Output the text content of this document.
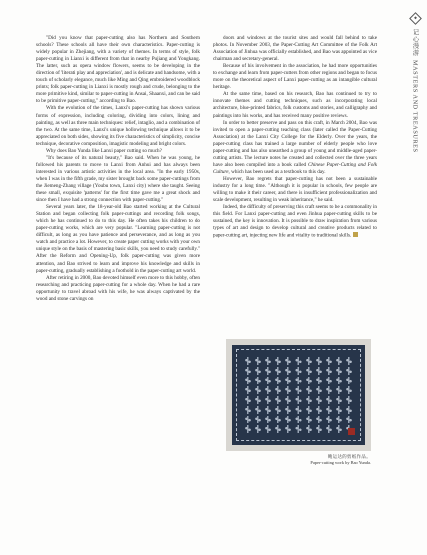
记心漫游
MASTERS AND TREASURES

"Did you know that paper-cutting also has Northern and Southern schools? These schools all have their own characteristics. Paper-cutting is widely popular in Zhejiang, with a variety of themes. In terms of style, folk paper-cutting in Lianxi is different from that in nearby Pujiang and Yongkang. The latter, such as opera window flowers, seems to be developing in the direction of 'literati play and appreciation', and is delicate and handsome, with a touch of scholarly elegance, much like Ming and Qing embroidered woodblock prints; folk paper-cutting in Lianxi is mostly rough and crude, belonging to the more primitive kind, similar to paper-cutting in Ansai, Shaanxi, and can be said to be primitive paper-cutting," according to Bao.

With the evolution of the times, Lanxi's paper-cutting has shown various forms of expression, including coloring, dividing into colors, lining and painting, as well as three main techniques: relief, intaglio, and a combination of the two. At the same time, Lanxi's unique hollowing technique allows it to be appreciated on both sides, showing its five characteristics of simplicity, concise technique, decorative composition, imagistic modeling and bright colors.

Why does Bao Yunda like Lanxi paper cutting so much?

"It's because of its natural beauty," Bao said. When he was young, he followed his parents to move to Lanxi from Anhui and has always been interested in various artistic activities in the local area. "In the early 1950s, when I was in the fifth grade, my sister brought back some paper-cuttings from the Jiemeng-Zhang village (Youbu town, Lanxi city) where she taught. Seeing these small, exquisite 'patterns' for the first time gave me a great shock and since then I have had a strong connection with paper-cutting."

Several years later, the 18-year-old Bao started working at the Cultural Station and began collecting folk paper-cuttings and recording folk songs, which he has continued to do to this day. He often takes his children to do paper-cutting works, which are very popular. "Learning paper-cutting is not difficult, as long as you have patience and perseverance, and as long as you watch and practice a lot. However, to create paper cutting works with your own unique style on the basis of mastering basic skills, you need to study carefully." After the Reform and Opening-Up, folk paper-cutting was given more attention, and Bao strived to learn and improve his knowledge and skills in paper-cutting, gradually establishing a foothold in the paper-cutting art world.

After retiring in 2000, Bao devoted himself even more to this hobby, often researching and practicing paper-cutting for a whole day. When he had a rare opportunity to travel abroad with his wife, he was always captivated by the wood and stone carvings on

doors and windows at the tourist sites and would fall behind to take photos. In November 2003, the Paper-Cutting Art Committee of the Folk Art Association of Jinhua was officially established, and Bao was appointed as vice chairman and secretary-general.

Because of his involvement in the association, he had more opportunities to exchange and learn from paper-cutters from other regions and began to focus more on the theoretical aspect of Lanxi paper-cutting as an intangible cultural heritage.

At the same time, based on his research, Bao has continued to try to innovate themes and cutting techniques, such as incorporating local architecture, blue-printed fabrics, folk customs and stories, and calligraphy and paintings into his works, and has received many positive reviews.

In order to better preserve and pass on this craft, in March 2004, Bao was invited to open a paper-cutting teaching class (later called the Paper-Cutting Association) at the Lanxi City College for the Elderly. Over the years, the paper-cutting class has trained a large number of elderly people who love paper-cutting and has also unearthed a group of young and middle-aged paper-cutting artists. The lecture notes he created and collected over the three years have also been compiled into a book called Chinese Paper-Cutting and Folk Culture, which has been used as a textbook to this day.

However, Bao regrets that paper-cutting has not been a sustainable industry for a long time. "Although it is popular in schools, few people are willing to make it their career, and there is insufficient professionalization and scale development, resulting in weak inheritance," he said.

Indeed, the difficulty of preserving this craft seems to be a commonality in this field. For Lanxi paper-cutting and even Jinhua paper-cutting skills to be sustained, the key is innovation. It is possible to draw inspiration from various types of art and design to develop cultural and creative products related to paper-cutting art, injecting new life and vitality to traditional skills.

鲍运达的剪纸作品。
Paper-cutting work by Bao Yunda.
